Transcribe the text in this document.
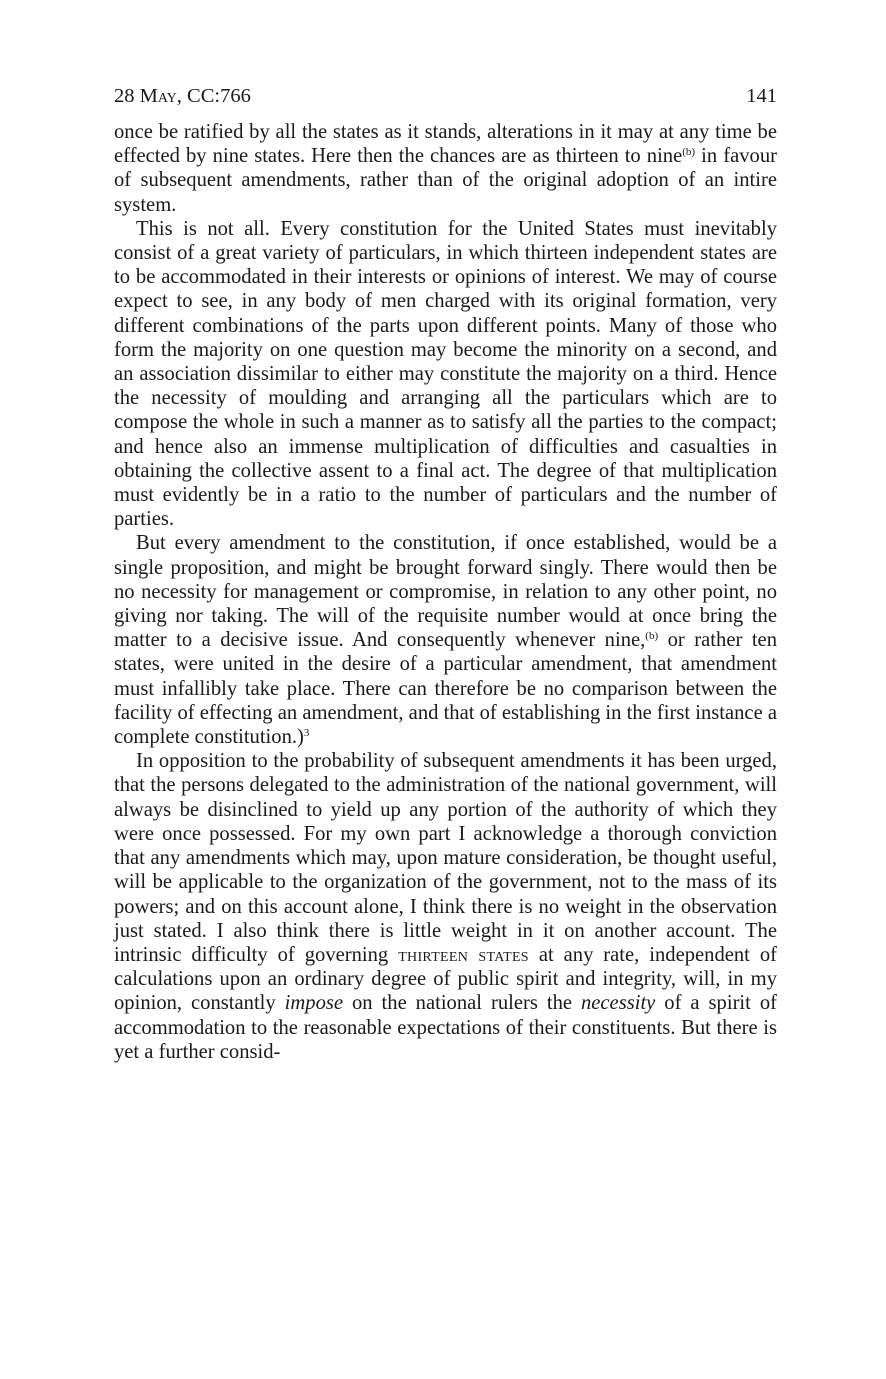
28 May, CC:766	141

once be ratified by all the states as it stands, alterations in it may at any time be effected by nine states. Here then the chances are as thirteen to nine$^{(b)}$ in favour of subsequent amendments, rather than of the original adoption of an intire system.

This is not all. Every constitution for the United States must inevitably consist of a great variety of particulars, in which thirteen independent states are to be accommodated in their interests or opinions of interest. We may of course expect to see, in any body of men charged with its original formation, very different combinations of the parts upon different points. Many of those who form the majority on one question may become the minority on a second, and an association dissimilar to either may constitute the majority on a third. Hence the necessity of moulding and arranging all the particulars which are to compose the whole in such a manner as to satisfy all the parties to the compact; and hence also an immense multiplication of difficulties and casualties in obtaining the collective assent to a final act. The degree of that multiplication must evidently be in a ratio to the number of particulars and the number of parties.

But every amendment to the constitution, if once established, would be a single proposition, and might be brought forward singly. There would then be no necessity for management or compromise, in relation to any other point, no giving nor taking. The will of the requisite number would at once bring the matter to a decisive issue. And consequently whenever nine,$^{(b)}$ or rather ten states, were united in the desire of a particular amendment, that amendment must infallibly take place. There can therefore be no comparison between the facility of effecting an amendment, and that of establishing in the first instance a complete constitution.)$^3$

In opposition to the probability of subsequent amendments it has been urged, that the persons delegated to the administration of the national government, will always be disinclined to yield up any portion of the authority of which they were once possessed. For my own part I acknowledge a thorough conviction that any amendments which may, upon mature consideration, be thought useful, will be applicable to the organization of the government, not to the mass of its powers; and on this account alone, I think there is no weight in the observation just stated. I also think there is little weight in it on another account. The intrinsic difficulty of governing thirteen states at any rate, independent of calculations upon an ordinary degree of public spirit and integrity, will, in my opinion, constantly impose on the national rulers the necessity of a spirit of accommodation to the reasonable expectations of their constituents. But there is yet a further consid-
